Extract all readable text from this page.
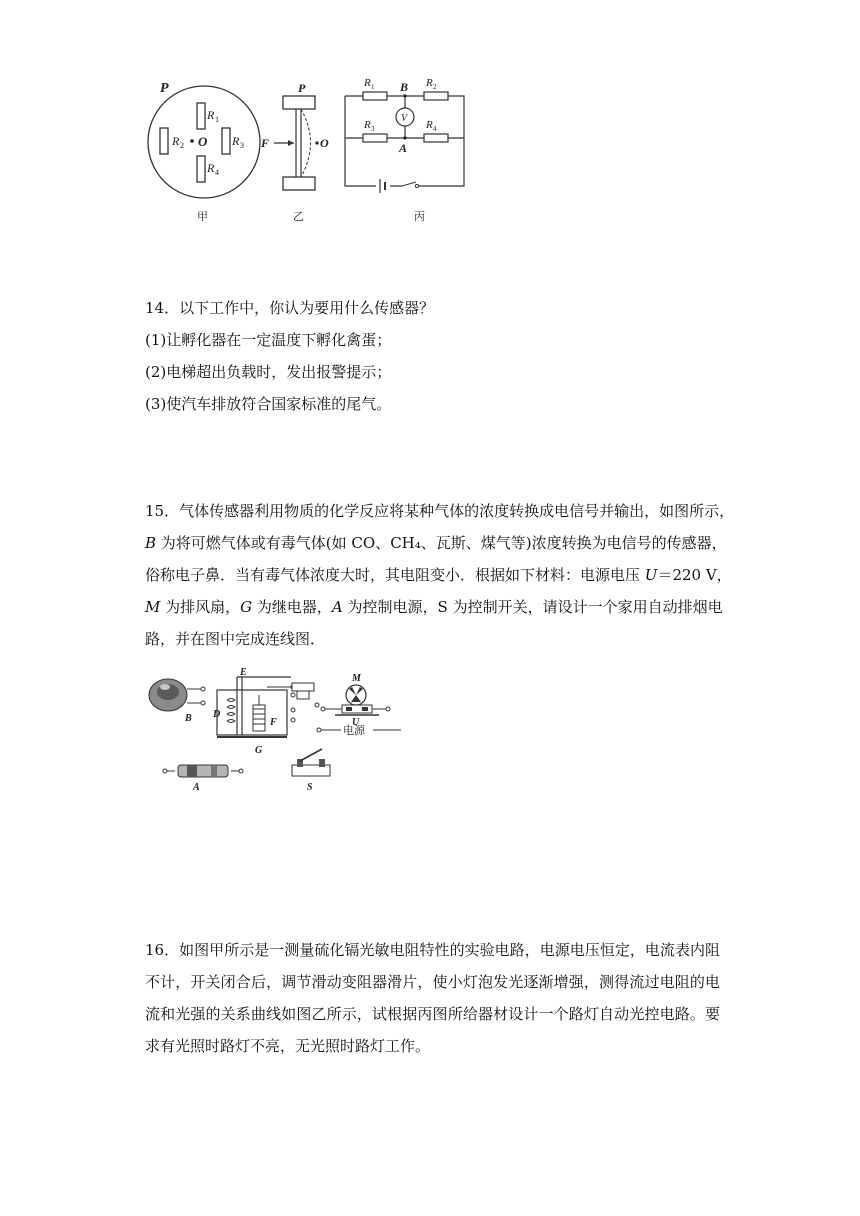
P
R 1
R 2	R 3
R 4
O
甲
P
F	O
乙
R 1	R 2
R 3	R 4
V
B
A
丙
14．以下工作中，你认为要用什么传感器？
(1)让孵化器在一定温度下孵化禽蛋；
(2)电梯超出负载时，发出报警提示；
(3)使汽车排放符合国家标准的尾气。
15．气体传感器利用物质的化学反应将某种气体的浓度转换成电信号并输出，如图所示，
B 为将可燃气体或有毒气体(如 CO、CH₄、瓦斯、煤气等)浓度转换为电信号的传感器，
俗称电子鼻．当有毒气体浓度大时，其电阻变小．根据如下材料：电源电压 U＝220 V，
M 为排风扇，G 为继电器，A 为控制电源，S 为控制开关，请设计一个家用自动排烟电
路，并在图中完成连线图．
B
E
D
F
G
M
U
电源
A	S
16．如图甲所示是一测量硫化镉光敏电阻特性的实验电路，电源电压恒定，电流表内阻
不计，开关闭合后，调节滑动变阻器滑片，使小灯泡发光逐渐增强，测得流过电阻的电
流和光强的关系曲线如图乙所示，试根据丙图所给器材设计一个路灯自动光控电路。要
求有光照时路灯不亮，无光照时路灯工作。
